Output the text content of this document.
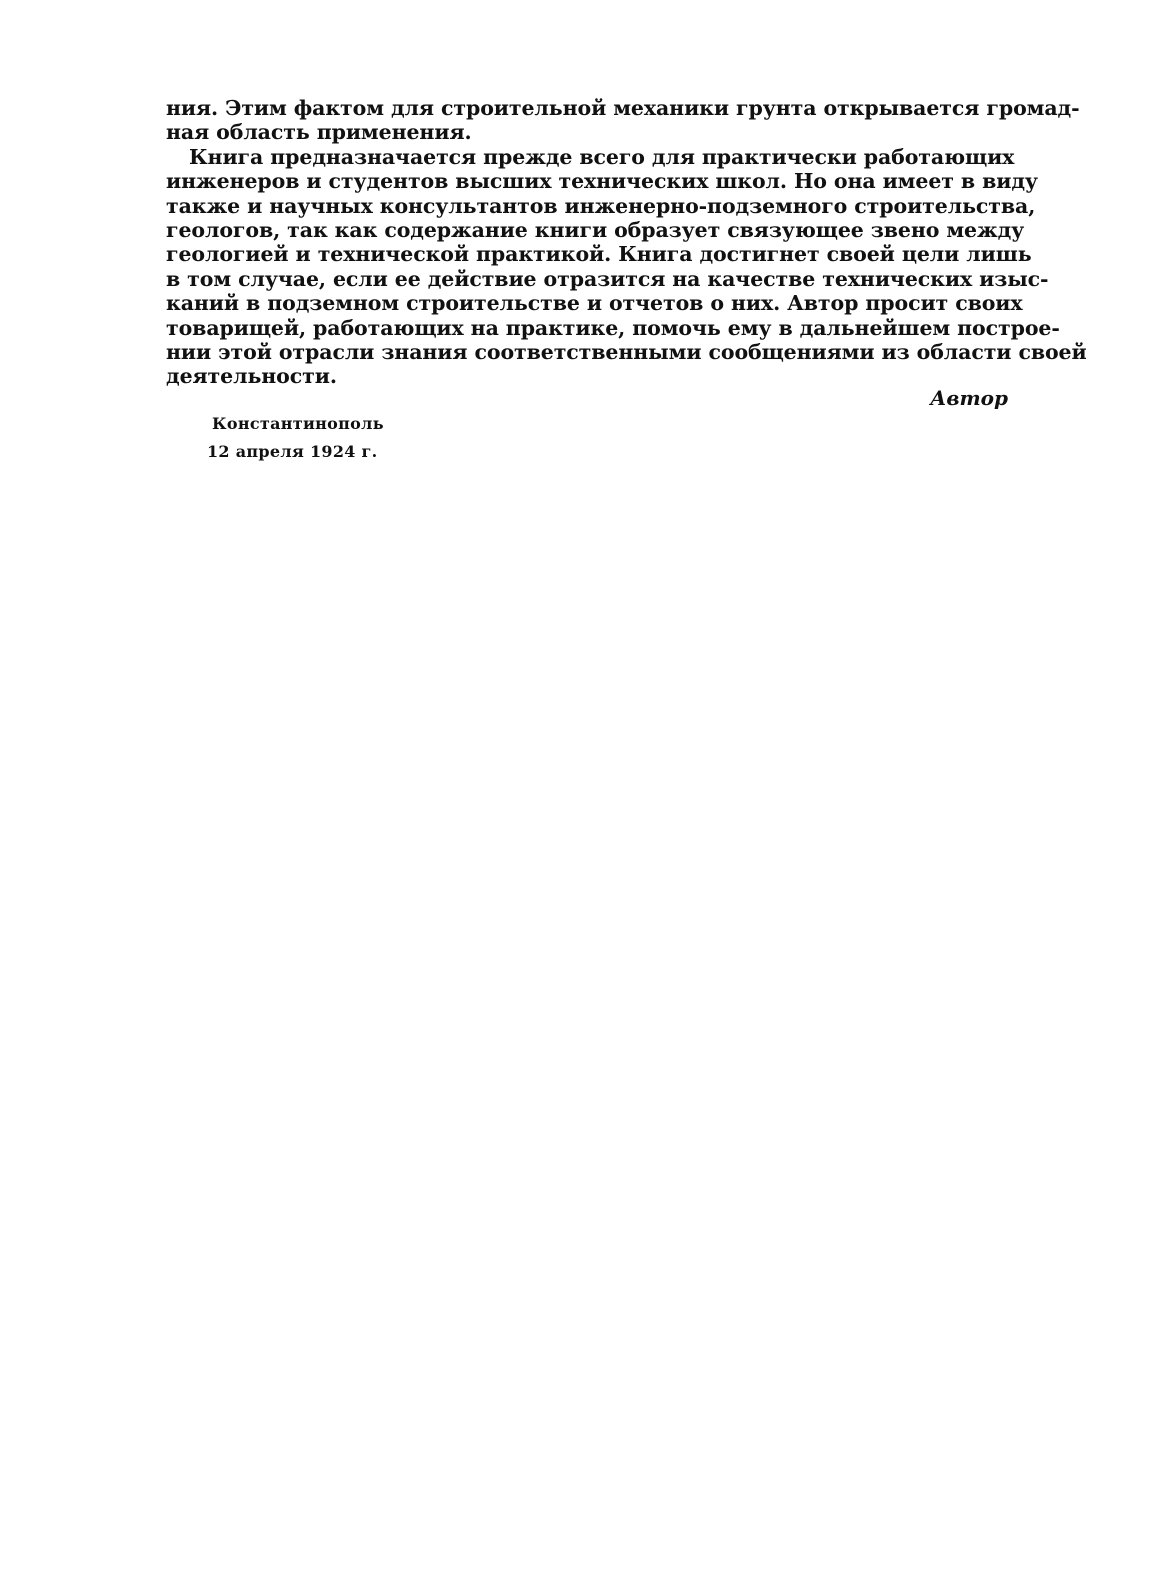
ния. Этим фактом для строительной механики грунта открывается громад-
ная область применения.
Книга предназначается прежде всего для практически работающих
инженеров и студентов высших технических школ. Но она имеет в виду
также и научных консультантов инженерно-подземного строительства,
геологов, так как содержание книги образует связующее звено между
геологией и технической практикой. Книга достигнет своей цели лишь
в том случае, если ее действие отразится на качестве технических изыс-
каний в подземном строительстве и отчетов о них. Автор просит своих
товарищей, работающих на практике, помочь ему в дальнейшем построе-
нии этой отрасли знания соответственными сообщениями из области своей
деятельности.
Автор
Константинополь
12 апреля 1924 г.
